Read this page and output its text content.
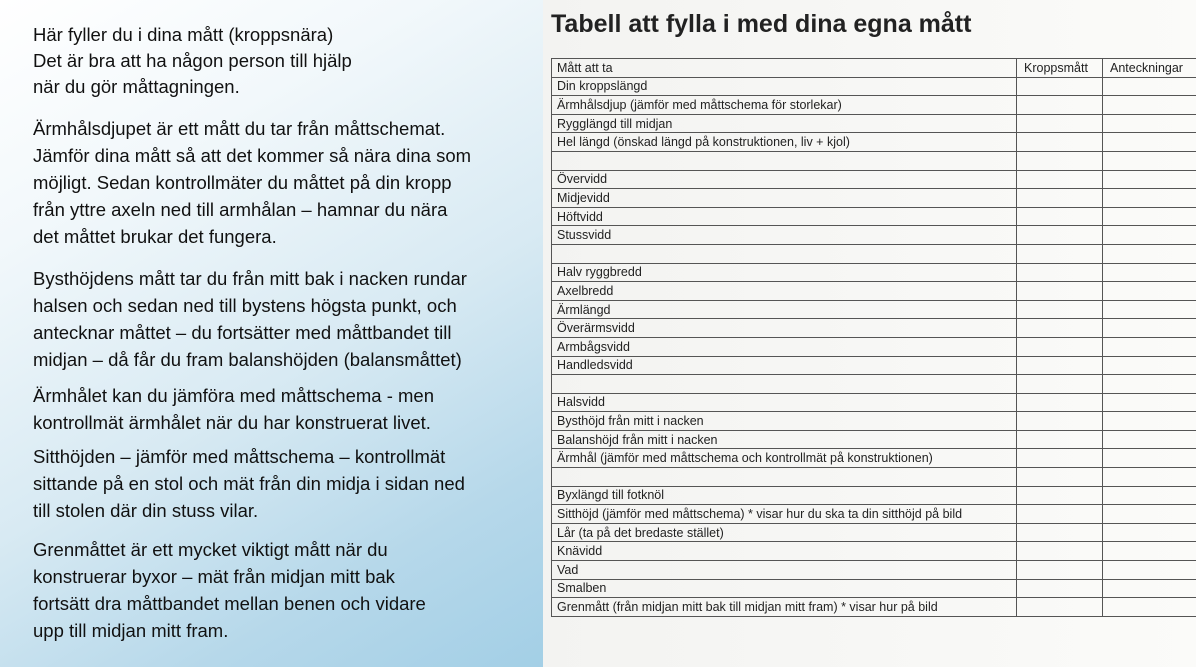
Här fyller du i dina mått (kroppsnära)
Det är bra att ha någon person till hjälp
när du gör måttagningen.

Ärmhålsdjupet är ett mått du tar från måttschemat.
Jämför dina mått så att det kommer så nära dina som
möjligt. Sedan kontrollmäter du måttet på din kropp
från yttre axeln ned till armhålan – hamnar du nära
det måttet brukar det fungera.

Bysthöjdens mått tar du från mitt bak i nacken rundar
halsen och sedan ned till bystens högsta punkt, och
antecknar måttet – du fortsätter med måttbandet till
midjan – då får du fram balanshöjden (balansmåttet)

Ärmhålet kan du jämföra med måttschema - men
kontrollmät ärmhålet när du har konstruerat livet.

Sitthöjden – jämför med måttschema – kontrollmät
sittande på en stol och mät från din midja i sidan ned
till stolen där din stuss vilar.

Grenmåttet är ett mycket viktigt mått när du
konstruerar byxor – mät från midjan mitt bak
fortsätt dra måttbandet mellan benen och vidare
upp till midjan mitt fram.

Tabell att fylla i med dina egna mått
Mått att ta	Kroppsmått	Anteckningar
Din kroppslängd		
Ärmhålsdjup (jämför med måttschema för storlekar)		
Rygglängd till midjan		
Hel längd (önskad längd på konstruktionen, liv + kjol)		

Övervidd		
Midjevidd		
Höftvidd		
Stussvidd		

Halv ryggbredd		
Axelbredd		
Ärmlängd		
Överärmsvidd		
Armbågsvidd		
Handledsvidd		

Halsvidd		
Bysthöjd från mitt i nacken		
Balanshöjd från mitt i nacken		
Ärmhål (jämför med måttschema och kontrollmät på konstruktionen)		

Byxlängd till fotknöl		
Sitthöjd (jämför med måttschema) * visar hur du ska ta din sitthöjd på bild		
Lår (ta på det bredaste stället)		
Knävidd		
Vad		
Smalben		
Grenmått (från midjan mitt bak till midjan mitt fram) * visar hur på bild		
